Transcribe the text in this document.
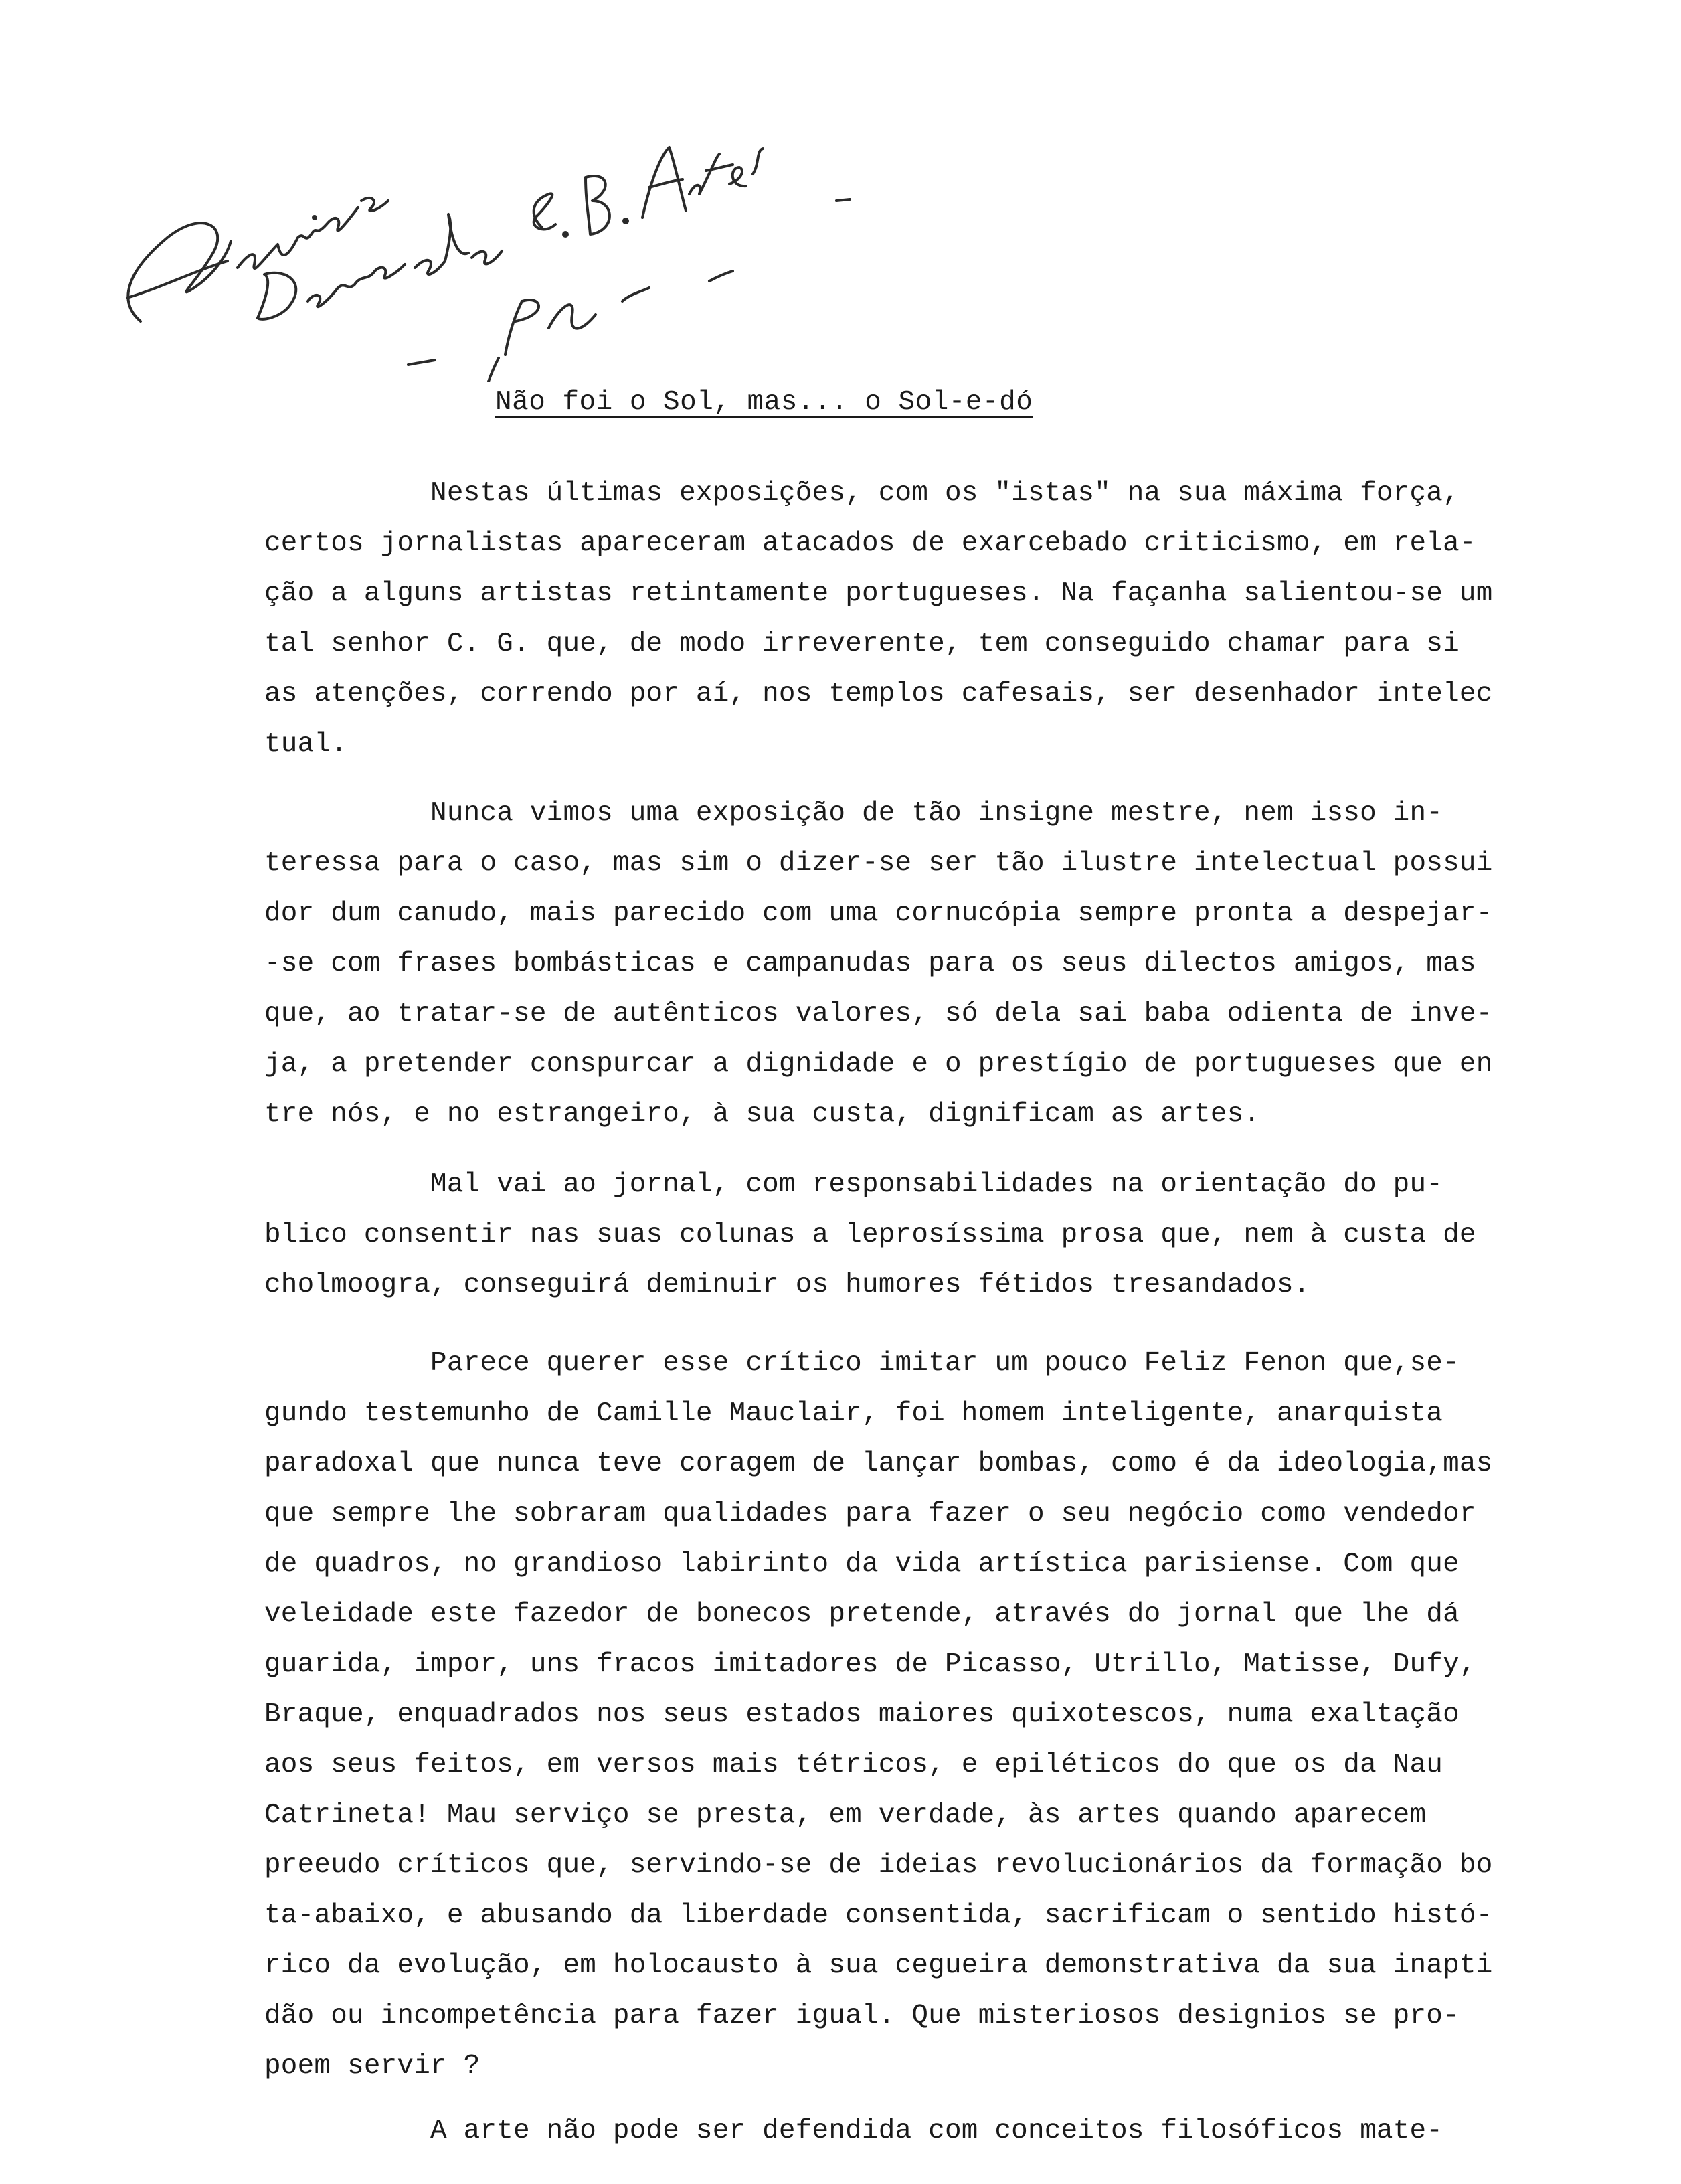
Não foi o Sol, mas... o Sol-e-dó
Nestas últimas exposições, com os "istas" na sua máxima força,
certos jornalistas apareceram atacados de exarcebado criticismo, em rela-
ção a alguns artistas retintamente portugueses. Na façanha salientou-se um
tal senhor C. G. que, de modo irreverente, tem conseguido chamar para si
as atenções, correndo por aí, nos templos cafesais, ser desenhador intelec
tual.
Nunca vimos uma exposição de tão insigne mestre, nem isso in-
teressa para o caso, mas sim o dizer-se ser tão ilustre intelectual possui
dor dum canudo, mais parecido com uma cornucópia sempre pronta a despejar-
-se com frases bombásticas e campanudas para os seus dilectos amigos, mas
que, ao tratar-se de autênticos valores, só dela sai baba odienta de inve-
ja, a pretender conspurcar a dignidade e o prestígio de portugueses que en
tre nós, e no estrangeiro, à sua custa, dignificam as artes.
Mal vai ao jornal, com responsabilidades na orientação do pu-
blico consentir nas suas colunas a leprosíssima prosa que, nem à custa de
cholmoogra, conseguirá deminuir os humores fétidos tresandados.
Parece querer esse crítico imitar um pouco Feliz Fenon que,se-
gundo testemunho de Camille Mauclair, foi homem inteligente, anarquista
paradoxal que nunca teve coragem de lançar bombas, como é da ideologia,mas
que sempre lhe sobraram qualidades para fazer o seu negócio como vendedor
de quadros, no grandioso labirinto da vida artística parisiense. Com que
veleidade este fazedor de bonecos pretende, através do jornal que lhe dá
guarida, impor, uns fracos imitadores de Picasso, Utrillo, Matisse, Dufy,
Braque, enquadrados nos seus estados maiores quixotescos, numa exaltação
aos seus feitos, em versos mais tétricos, e epiléticos do que os da Nau
Catrineta! Mau serviço se presta, em verdade, às artes quando aparecem
preeudo críticos que, servindo-se de ideias revolucionários da formação bo
ta-abaixo, e abusando da liberdade consentida, sacrificam o sentido histó-
rico da evolução, em holocausto à sua cegueira demonstrativa da sua inapti
dão ou incompetência para fazer igual. Que misteriosos designios se pro-
poem servir ?
A arte não pode ser defendida com conceitos filosóficos mate-
